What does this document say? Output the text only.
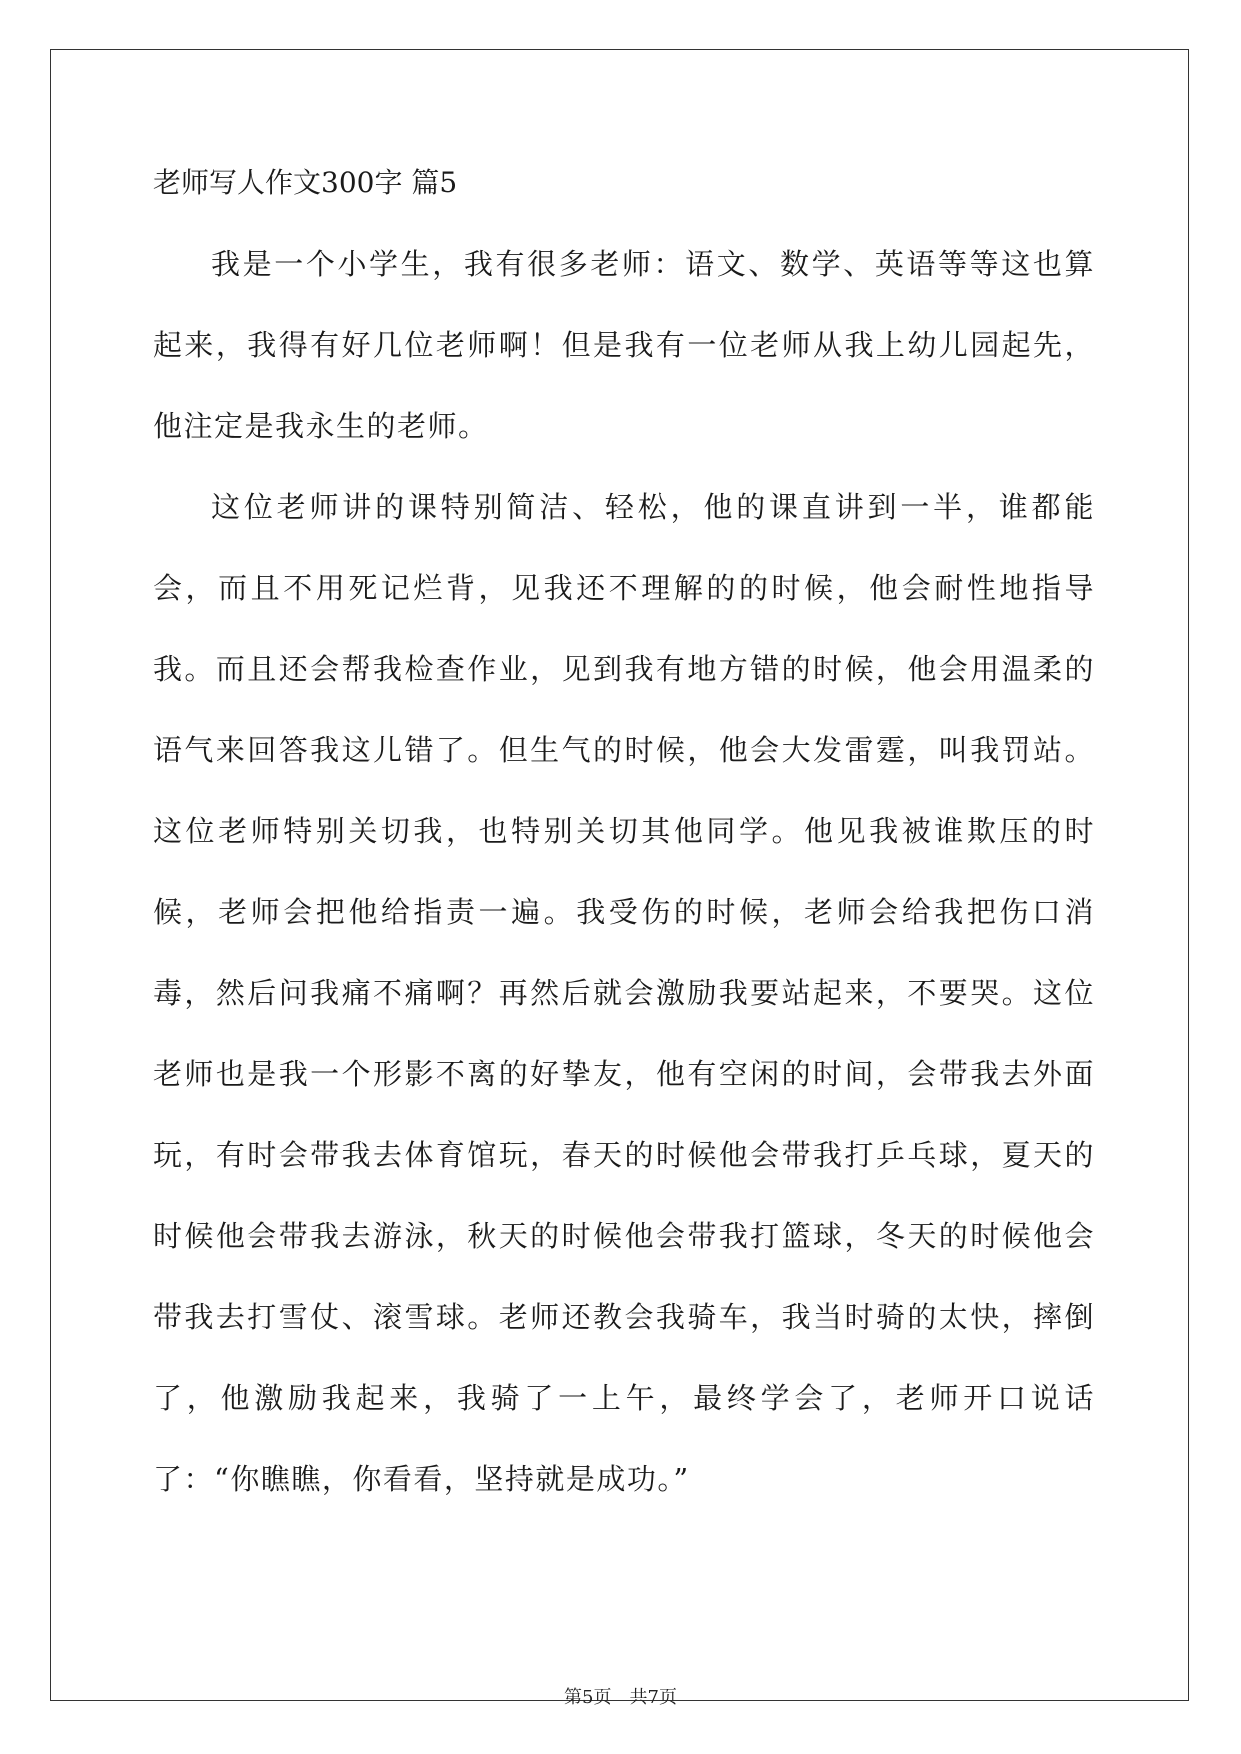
老师写人作文300字 篇5

我是一个小学生，我有很多老师：语文、数学、英语等等这也算起来，我得有好几位老师啊！但是我有一位老师从我上幼儿园起先，他注定是我永生的老师。

这位老师讲的课特别简洁、轻松，他的课直讲到一半，谁都能会，而且不用死记烂背，见我还不理解的的时候，他会耐性地指导我。而且还会帮我检查作业，见到我有地方错的时候，他会用温柔的语气来回答我这儿错了。但生气的时候，他会大发雷霆，叫我罚站。这位老师特别关切我，也特别关切其他同学。他见我被谁欺压的时候，老师会把他给指责一遍。我受伤的时候，老师会给我把伤口消毒，然后问我痛不痛啊？再然后就会激励我要站起来，不要哭。这位老师也是我一个形影不离的好挚友，他有空闲的时间，会带我去外面玩，有时会带我去体育馆玩，春天的时候他会带我打乒乓球，夏天的时候他会带我去游泳，秋天的时候他会带我打篮球，冬天的时候他会带我去打雪仗、滚雪球。老师还教会我骑车，我当时骑的太快，摔倒了，他激励我起来，我骑了一上午，最终学会了，老师开口说话了：“你瞧瞧，你看看，坚持就是成功。”

第5页　共7页
